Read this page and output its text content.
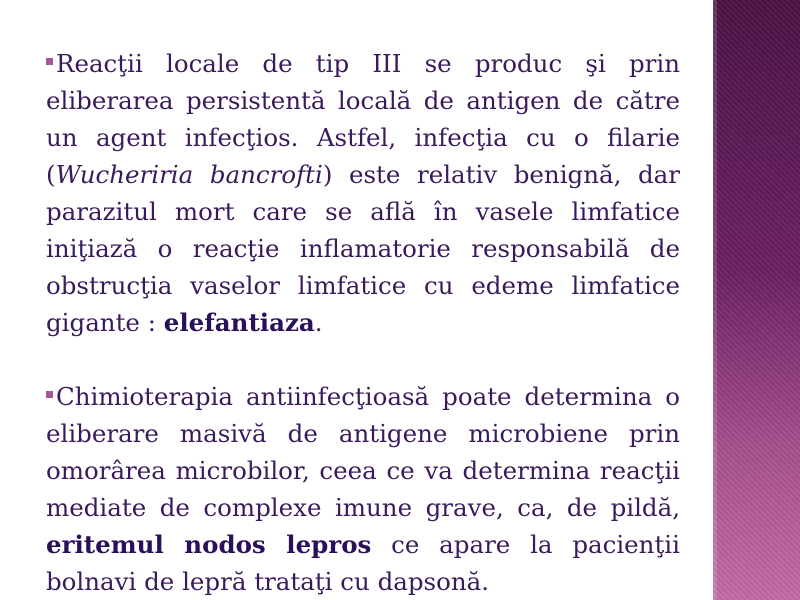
Reacţii locale de tip III se produc şi prin eliberarea persistentă locală de antigen de către un agent infecţios. Astfel, infecţia cu o filarie (Wucheriria bancrofti) este relativ benignă, dar parazitul mort care se află în vasele limfatice iniţiază o reacţie inflamatorie responsabilă de obstrucţia vaselor limfatice cu edeme limfatice gigante : elefantiaza.

Chimioterapia antiinfecţioasă poate determina o eliberare masivă de antigene microbiene prin omorârea microbilor, ceea ce va determina reacţii mediate de complexe imune grave, ca, de pildă, eritemul nodos lepros ce apare la pacienţii bolnavi de lepră trataţi cu dapsonă.
